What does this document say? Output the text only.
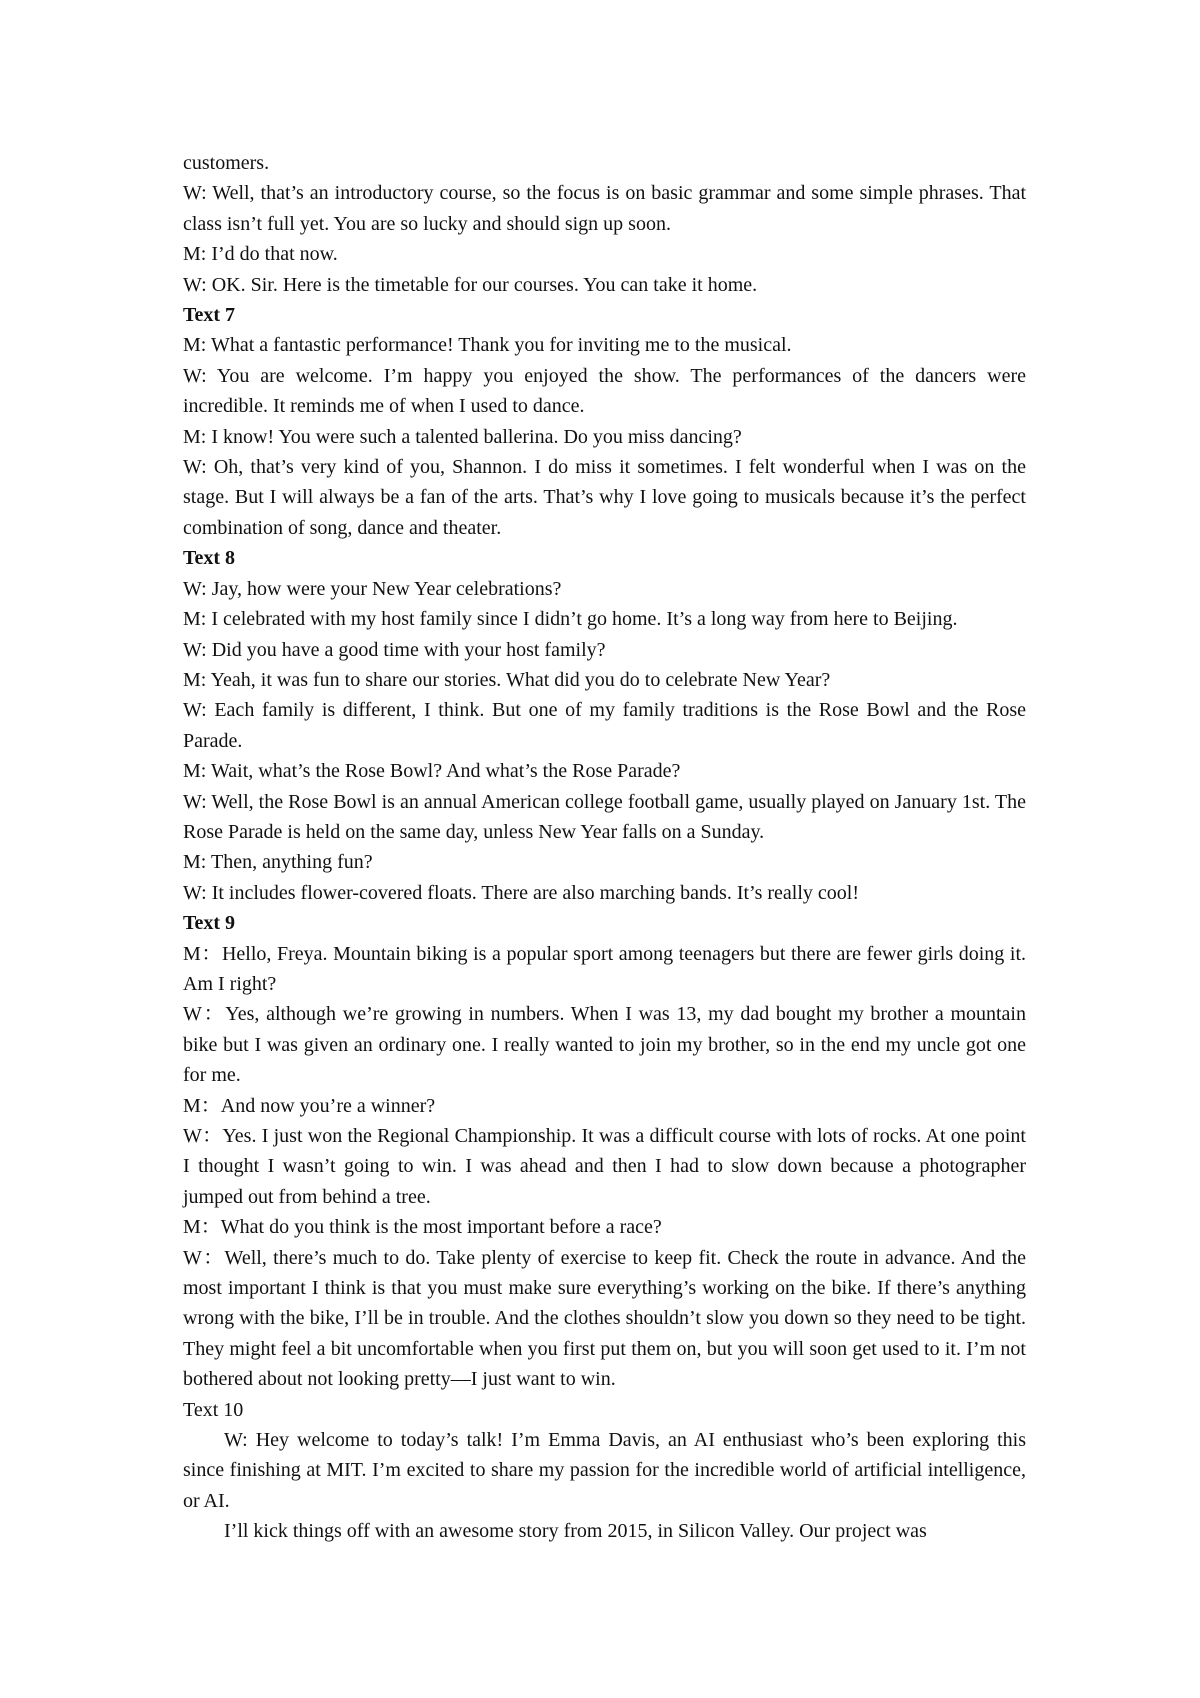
customers.

W: Well, that’s an introductory course, so the focus is on basic grammar and some simple phrases. That class isn’t full yet. You are so lucky and should sign up soon.

M: I’d do that now.

W: OK. Sir. Here is the timetable for our courses. You can take it home.

Text 7

M: What a fantastic performance! Thank you for inviting me to the musical.

W: You are welcome. I’m happy you enjoyed the show. The performances of the dancers were incredible. It reminds me of when I used to dance.

M: I know! You were such a talented ballerina. Do you miss dancing?

W: Oh, that’s very kind of you, Shannon. I do miss it sometimes. I felt wonderful when I was on the stage. But I will always be a fan of the arts. That’s why I love going to musicals because it’s the perfect combination of song, dance and theater.

Text 8

W: Jay, how were your New Year celebrations?

M: I celebrated with my host family since I didn’t go home. It’s a long way from here to Beijing.

W: Did you have a good time with your host family?

M: Yeah, it was fun to share our stories. What did you do to celebrate New Year?

W: Each family is different, I think. But one of my family traditions is the Rose Bowl and the Rose Parade.

M: Wait, what’s the Rose Bowl? And what’s the Rose Parade?

W: Well, the Rose Bowl is an annual American college football game, usually played on January 1st. The Rose Parade is held on the same day, unless New Year falls on a Sunday.

M: Then, anything fun?

W: It includes flower-covered floats. There are also marching bands. It’s really cool!

Text 9

M：Hello, Freya. Mountain biking is a popular sport among teenagers but there are fewer girls doing it. Am I right?

W：Yes, although we’re growing in numbers. When I was 13, my dad bought my brother a mountain bike but I was given an ordinary one. I really wanted to join my brother, so in the end my uncle got one for me.

M：And now you’re a winner?

W：Yes. I just won the Regional Championship. It was a difficult course with lots of rocks. At one point I thought I wasn’t going to win. I was ahead and then I had to slow down because a photographer jumped out from behind a tree.

M：What do you think is the most important before a race?

W：Well, there’s much to do. Take plenty of exercise to keep fit. Check the route in advance. And the most important I think is that you must make sure everything’s working on the bike. If there’s anything wrong with the bike, I’ll be in trouble. And the clothes shouldn’t slow you down so they need to be tight. They might feel a bit uncomfortable when you first put them on, but you will soon get used to it. I’m not bothered about not looking pretty—I just want to win.

Text 10

W: Hey welcome to today’s talk! I’m Emma Davis, an AI enthusiast who’s been exploring this since finishing at MIT. I’m excited to share my passion for the incredible world of artificial intelligence, or AI.

I’ll kick things off with an awesome story from 2015, in Silicon Valley. Our project was
